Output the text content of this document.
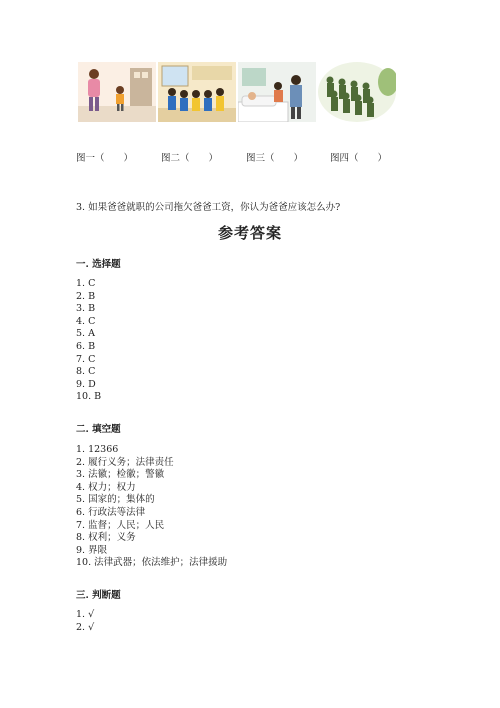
图一（　　）	图二（　　）	图三（　　）	图四（　　）
3. 如果爸爸就职的公司拖欠爸爸工资，你认为爸爸应该怎么办?
参考答案
一. 选择题
1. C
2. B
3. B
4. C
5. A
6. B
7. C
8. C
9. D
10. B
二. 填空题
1. 12366
2. 履行义务；法律责任
3. 法徽；检徽；警徽
4. 权力；权力
5. 国家的；集体的
6. 行政法等法律
7. 监督；人民；人民
8. 权利；义务
9. 界限
10. 法律武器；依法维护；法律援助
三. 判断题
1. √
2. √
